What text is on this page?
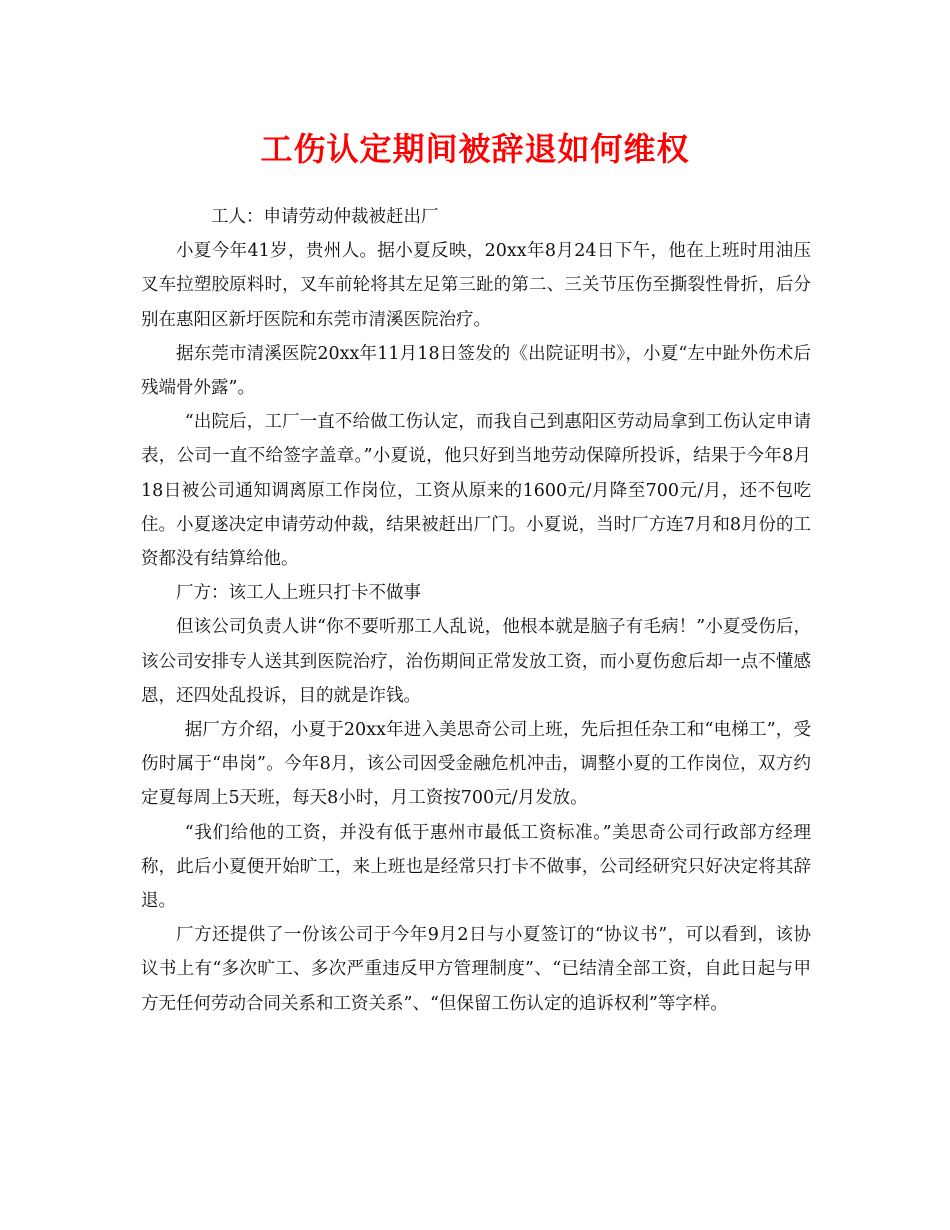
工伤认定期间被辞退如何维权

工人：申请劳动仲裁被赶出厂

小夏今年41岁，贵州人。据小夏反映，20xx年8月24日下午，他在上班时用油压叉车拉塑胶原料时，叉车前轮将其左足第三趾的第二、三关节压伤至撕裂性骨折，后分别在惠阳区新圩医院和东莞市清溪医院治疗。

据东莞市清溪医院20xx年11月18日签发的《出院证明书》，小夏“左中趾外伤术后残端骨外露”。

“出院后，工厂一直不给做工伤认定，而我自己到惠阳区劳动局拿到工伤认定申请表，公司一直不给签字盖章。”小夏说，他只好到当地劳动保障所投诉，结果于今年8月18日被公司通知调离原工作岗位，工资从原来的1600元/月降至700元/月，还不包吃住。小夏遂决定申请劳动仲裁，结果被赶出厂门。小夏说，当时厂方连7月和8月份的工资都没有结算给他。

厂方：该工人上班只打卡不做事

但该公司负责人讲“你不要听那工人乱说，他根本就是脑子有毛病！”小夏受伤后，该公司安排专人送其到医院治疗，治伤期间正常发放工资，而小夏伤愈后却一点不懂感恩，还四处乱投诉，目的就是诈钱。

据厂方介绍，小夏于20xx年进入美思奇公司上班，先后担任杂工和“电梯工”，受伤时属于“串岗”。今年8月，该公司因受金融危机冲击，调整小夏的工作岗位，双方约定夏每周上5天班，每天8小时，月工资按700元/月发放。

“我们给他的工资，并没有低于惠州市最低工资标准。”美思奇公司行政部方经理称，此后小夏便开始旷工，来上班也是经常只打卡不做事，公司经研究只好决定将其辞退。

厂方还提供了一份该公司于今年9月2日与小夏签订的“协议书”，可以看到，该协议书上有“多次旷工、多次严重违反甲方管理制度”、“已结清全部工资，自此日起与甲方无任何劳动合同关系和工资关系”、“但保留工伤认定的追诉权利”等字样。
